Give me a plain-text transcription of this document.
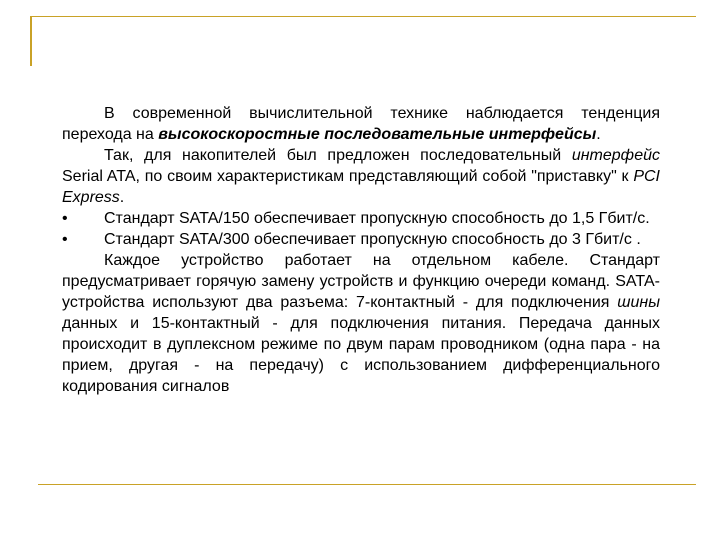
В современной вычислительной технике наблюдается тенденция перехода на высокоскоростные последовательные интерфейсы.

Так, для накопителей был предложен последовательный интерфейс Serial ATA, по своим характеристикам представляющий собой "приставку" к PCI Express.

• Стандарт SATA/150 обеспечивает пропускную способность до 1,5 Гбит/с.

• Стандарт SATA/300 обеспечивает пропускную способность до 3 Гбит/с .

Каждое устройство работает на отдельном кабеле. Стандарт предусматривает горячую замену устройств и функцию очереди команд. SATA-устройства используют два разъема: 7-контактный - для подключения шины данных и 15-контактный - для подключения питания. Передача данных происходит в дуплексном режиме по двум парам проводником (одна пара - на прием, другая - на передачу) с использованием дифференциального кодирования сигналов
